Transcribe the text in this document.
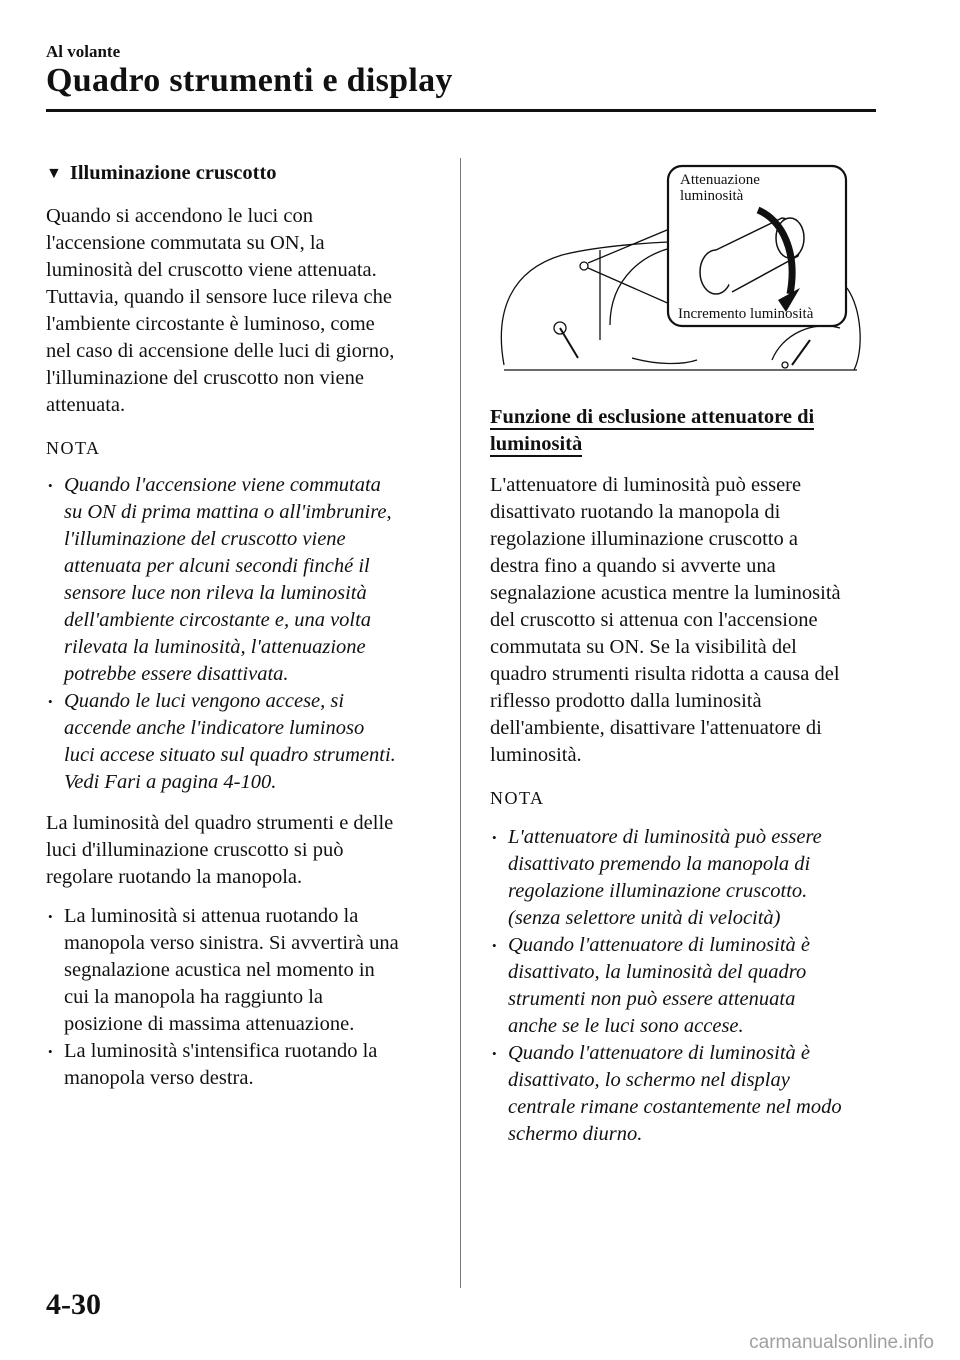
Al volante
Quadro strumenti e display

▼ Illuminazione cruscotto

Quando si accendono le luci con
l'accensione commutata su ON, la
luminosità del cruscotto viene attenuata.
Tuttavia, quando il sensore luce rileva che
l'ambiente circostante è luminoso, come
nel caso di accensione delle luci di giorno,
l'illuminazione del cruscotto non viene
attenuata.

NOTA

• Quando l'accensione viene commutata
su ON di prima mattina o all'imbrunire,
l'illuminazione del cruscotto viene
attenuata per alcuni secondi finché il
sensore luce non rileva la luminosità
dell'ambiente circostante e, una volta
rilevata la luminosità, l'attenuazione
potrebbe essere disattivata.
• Quando le luci vengono accese, si
accende anche l'indicatore luminoso
luci accese situato sul quadro strumenti.
Vedi Fari a pagina 4-100.

La luminosità del quadro strumenti e delle
luci d'illuminazione cruscotto si può
regolare ruotando la manopola.

• La luminosità si attenua ruotando la
manopola verso sinistra. Si avvertirà una
segnalazione acustica nel momento in
cui la manopola ha raggiunto la
posizione di massima attenuazione.
• La luminosità s'intensifica ruotando la
manopola verso destra.
Attenuazione
luminosità
Incremento luminosità

Funzione di esclusione attenuatore di
luminosità

L'attenuatore di luminosità può essere
disattivato ruotando la manopola di
regolazione illuminazione cruscotto a
destra fino a quando si avverte una
segnalazione acustica mentre la luminosità
del cruscotto si attenua con l'accensione
commutata su ON. Se la visibilità del
quadro strumenti risulta ridotta a causa del
riflesso prodotto dalla luminosità
dell'ambiente, disattivare l'attenuatore di
luminosità.

NOTA

• L'attenuatore di luminosità può essere
disattivato premendo la manopola di
regolazione illuminazione cruscotto.
(senza selettore unità di velocità)
• Quando l'attenuatore di luminosità è
disattivato, la luminosità del quadro
strumenti non può essere attenuata
anche se le luci sono accese.
• Quando l'attenuatore di luminosità è
disattivato, lo schermo nel display
centrale rimane costantemente nel modo
schermo diurno.
4-30
carmanualsonline.info
